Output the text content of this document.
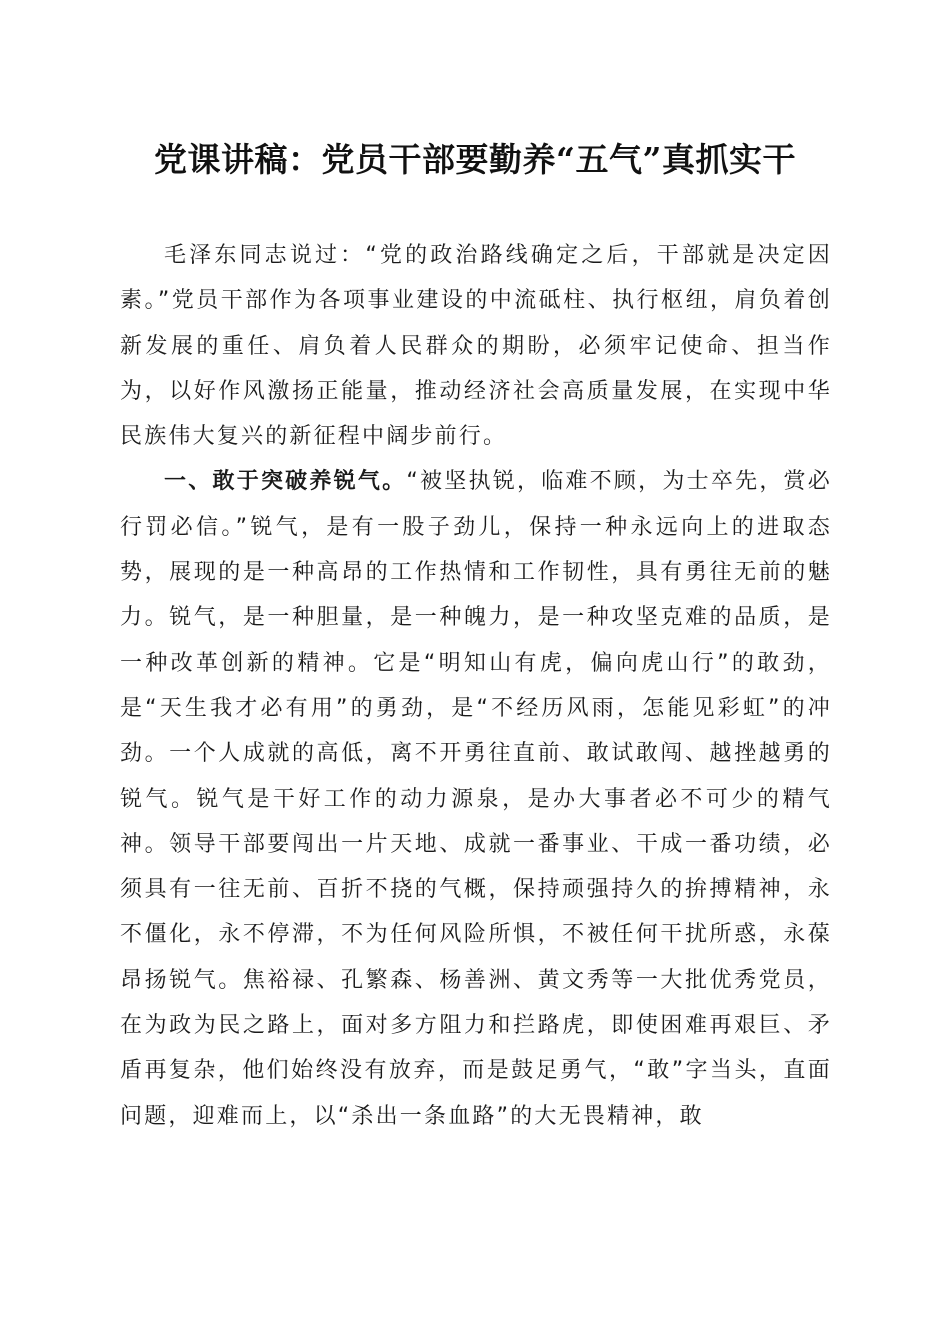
党课讲稿：党员干部要勤养“五气”真抓实干

毛泽东同志说过：“党的政治路线确定之后，干部就是决定因素。”党员干部作为各项事业建设的中流砥柱、执行枢纽，肩负着创新发展的重任、肩负着人民群众的期盼，必须牢记使命、担当作为，以好作风激扬正能量，推动经济社会高质量发展，在实现中华民族伟大复兴的新征程中阔步前行。

一、敢于突破养锐气。“被坚执锐，临难不顾，为士卒先，赏必行罚必信。”锐气，是有一股子劲儿，保持一种永远向上的进取态势，展现的是一种高昂的工作热情和工作韧性，具有勇往无前的魅力。锐气，是一种胆量，是一种魄力，是一种攻坚克难的品质，是一种改革创新的精神。它是“明知山有虎，偏向虎山行”的敢劲，是“天生我才必有用”的勇劲，是“不经历风雨，怎能见彩虹”的冲劲。一个人成就的高低，离不开勇往直前、敢试敢闯、越挫越勇的锐气。锐气是干好工作的动力源泉，是办大事者必不可少的精气神。领导干部要闯出一片天地、成就一番事业、干成一番功绩，必须具有一往无前、百折不挠的气概，保持顽强持久的拚搏精神，永不僵化，永不停滞，不为任何风险所惧，不被任何干扰所惑，永葆昂扬锐气。焦裕禄、孔繁森、杨善洲、黄文秀等一大批优秀党员，在为政为民之路上，面对多方阻力和拦路虎，即使困难再艰巨、矛盾再复杂，他们始终没有放弃，而是鼓足勇气，“敢”字当头，直面问题，迎难而上，以“杀出一条血路”的大无畏精神，敢
